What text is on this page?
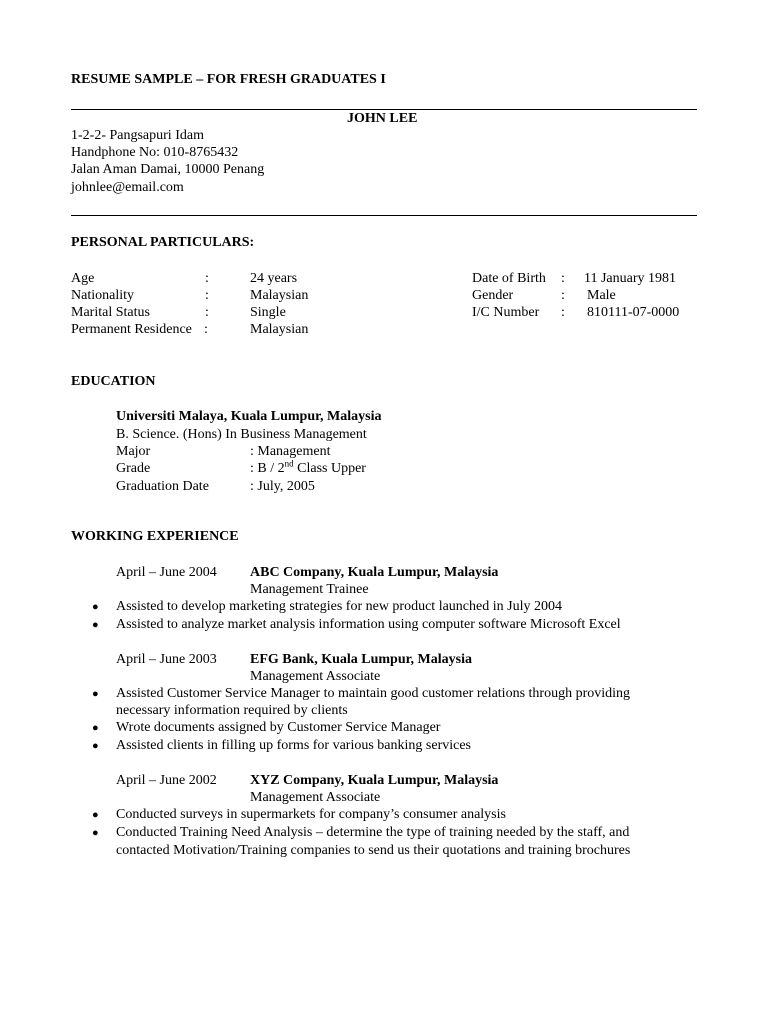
RESUME SAMPLE – FOR FRESH GRADUATES I
JOHN LEE
1-2-2- Pangsapuri Idam
Handphone No: 010-8765432
Jalan Aman Damai, 10000 Penang
johnlee@email.com
PERSONAL PARTICULARS:
Age	:	24 years
Nationality	:	Malaysian
Marital Status	:	Single
Permanent Residence :	Malaysian
Date of Birth : 11 January 1981
Gender	: Male
I/C Number : 810111-07-0000
EDUCATION
Universiti Malaya, Kuala Lumpur, Malaysia
B. Science. (Hons) In Business Management
Major	: Management
Grade	: B / 2nd Class Upper
Graduation Date	: July, 2005
WORKING EXPERIENCE
April – June 2004 ABC Company, Kuala Lumpur, Malaysia
Management Trainee
● Assisted to develop marketing strategies for new product launched in July 2004
● Assisted to analyze market analysis information using computer software Microsoft Excel
April – June 2003 EFG Bank, Kuala Lumpur, Malaysia
Management Associate
● Assisted Customer Service Manager to maintain good customer relations through providing
necessary information required by clients
● Wrote documents assigned by Customer Service Manager
● Assisted clients in filling up forms for various banking services
April – June 2002 XYZ Company, Kuala Lumpur, Malaysia
Management Associate
● Conducted surveys in supermarkets for company’s consumer analysis
● Conducted Training Need Analysis – determine the type of training needed by the staff, and
contacted Motivation/Training companies to send us their quotations and training brochures
